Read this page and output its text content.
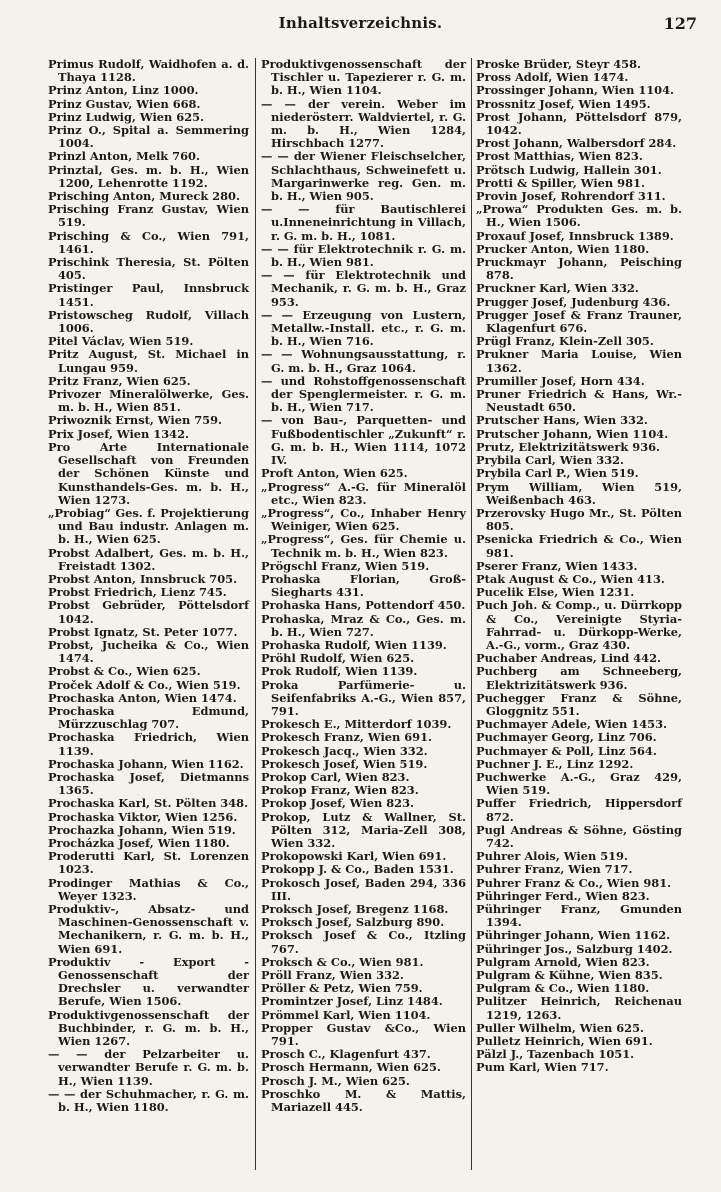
Inhaltsverzeichnis.	127
Primus Rudolf, Waidhofen a. d. Thaya 1128.
Prinz Anton, Linz 1000.
Prinz Gustav, Wien 668.
Prinz Ludwig, Wien 625.
Prinz O., Spital a. Semmering 1004.
Prinzl Anton, Melk 760.
Prinztal, Ges. m. b. H., Wien 1200, Lehenrotte 1192.
Prisching Anton, Mureck 280.
Prisching Franz Gustav, Wien 519.
Prisching & Co., Wien 791, 1461.
Prischink Theresia, St. Pölten 405.
Pristinger Paul, Innsbruck 1451.
Pristowscheg Rudolf, Villach 1006.
Pitel Václav, Wien 519.
Pritz August, St. Michael in Lungau 959.
Pritz Franz, Wien 625.
Privozer Mineralölwerke, Ges. m. b. H., Wien 851.
Priwoznik Ernst, Wien 759.
Prix Josef, Wien 1342.
Pro Arte Internationale Gesellschaft von Freunden der Schönen Künste und Kunsthandels-Ges. m. b. H., Wien 1273.
„Probiag“ Ges. f. Projektierung und Bau industr. Anlagen m. b. H., Wien 625.
Probst Adalbert, Ges. m. b. H., Freistadt 1302.
Probst Anton, Innsbruck 705.
Probst Friedrich, Lienz 745.
Probst Gebrüder, Pöttelsdorf 1042.
Probst Ignatz, St. Peter 1077.
Probst, Jucheika & Co., Wien 1474.
Probst & Co., Wien 625.
Proček Adolf & Co., Wien 519.
Prochaska Anton, Wien 1474.
Prochaska Edmund, Mürzzuschlag 707.
Prochaska Friedrich, Wien 1139.
Prochaska Johann, Wien 1162.
Prochaska Josef, Dietmanns 1365.
Prochaska Karl, St. Pölten 348.
Prochaska Viktor, Wien 1256.
Prochazka Johann, Wien 519.
Procházka Josef, Wien 1180.
Proderutti Karl, St. Lorenzen 1023.
Prodinger Mathias & Co., Weyer 1323.
Produktiv-, Absatz- und Maschinen-Genossenschaft v. Mechanikern, r. G. m. b. H., Wien 691.
Produktiv - Export - Genossenschaft der Drechsler u. verwandter Berufe, Wien 1506.
Produktivgenossenschaft der Buchbinder, r. G. m. b. H., Wien 1267.
— — der Pelzarbeiter u. verwandter Berufe r. G. m. b. H., Wien 1139.
— — der Schuhmacher, r. G. m. b. H., Wien 1180.
Produktivgenossenschaft der Tischler u. Tapezierer r. G. m. b. H., Wien 1104.
— — der verein. Weber im niederösterr. Waldviertel, r. G. m. b. H., Wien 1284, Hirschbach 1277.
— — der Wiener Fleischselcher, Schlachthaus, Schweinefett u. Margarinwerke reg. Gen. m. b. H., Wien 905.
— — für Bautischlerei u.Inneneinrichtung in Villach, r. G. m. b. H., 1081.
— — für Elektrotechnik r. G. m. b. H., Wien 981.
— — für Elektrotechnik und Mechanik, r. G. m. b. H., Graz 953.
— — Erzeugung von Lustern, Metallw.-Install. etc., r. G. m. b. H., Wien 716.
— — Wohnungsausstattung, r. G. m. b. H., Graz 1064.
— und Rohstoffgenossenschaft der Spenglermeister. r. G. m. b. H., Wien 717.
— von Bau-, Parquetten- und Fußbodentischler „Zukunft“ r. G. m. b. H., Wien 1114, 1072 IV.
Proft Anton, Wien 625.
„Progress“ A.-G. für Mineralöl etc., Wien 823.
„Progress“, Co., Inhaber Henry Weiniger, Wien 625.
„Progress“, Ges. für Chemie u. Technik m. b. H., Wien 823.
Prögschl Franz, Wien 519.
Prohaska Florian, Groß-Siegharts 431.
Prohaska Hans, Pottendorf 450.
Prohaska, Mraz & Co., Ges. m. b. H., Wien 727.
Prohaska Rudolf, Wien 1139.
Pröhl Rudolf, Wien 625.
Prok Rudolf, Wien 1139.
Proka Parfümerie- u. Seifenfabriks A.-G., Wien 857, 791.
Prokesch E., Mitterdorf 1039.
Prokesch Franz, Wien 691.
Prokesch Jacq., Wien 332.
Prokesch Josef, Wien 519.
Prokop Carl, Wien 823.
Prokop Franz, Wien 823.
Prokop Josef, Wien 823.
Prokop, Lutz & Wallner, St. Pölten 312, Maria-Zell 308, Wien 332.
Prokopowski Karl, Wien 691.
Prokopp J. & Co., Baden 1531.
Prokosch Josef, Baden 294, 336 III.
Proksch Josef, Bregenz 1168.
Proksch Josef, Salzburg 890.
Proksch Josef & Co., Itzling 767.
Proksch & Co., Wien 981.
Pröll Franz, Wien 332.
Pröller & Petz, Wien 759.
Promintzer Josef, Linz 1484.
Prömmel Karl, Wien 1104.
Propper Gustav &Co., Wien 791.
Prosch C., Klagenfurt 437.
Prosch Hermann, Wien 625.
Prosch J. M., Wien 625.
Proschko M. & Mattis, Mariazell 445.
Proske Brüder, Steyr 458.
Pross Adolf, Wien 1474.
Prossinger Johann, Wien 1104.
Prossnitz Josef, Wien 1495.
Prost Johann, Pöttelsdorf 879, 1042.
Prost Johann, Walbersdorf 284.
Prost Matthias, Wien 823.
Prötsch Ludwig, Hallein 301.
Protti & Spiller, Wien 981.
Provin Josef, Rohrendorf 311.
„Prowa“ Produkten Ges. m. b. H., Wien 1506.
Proxauf Josef, Innsbruck 1389.
Prucker Anton, Wien 1180.
Pruckmayr Johann, Peisching 878.
Pruckner Karl, Wien 332.
Prugger Josef, Judenburg 436.
Prugger Josef & Franz Trauner, Klagenfurt 676.
Prügl Franz, Klein-Zell 305.
Prukner Maria Louise, Wien 1362.
Prumiller Josef, Horn 434.
Pruner Friedrich & Hans, Wr.-Neustadt 650.
Prutscher Hans, Wien 332.
Prutscher Johann, Wien 1104.
Prutz, Elektrizitätswerk 936.
Prybila Carl, Wien 332.
Prybila Carl P., Wien 519.
Prym William, Wien 519, Weißenbach 463.
Przerovsky Hugo Mr., St. Pölten 805.
Psenicka Friedrich & Co., Wien 981.
Pserer Franz, Wien 1433.
Ptak August & Co., Wien 413.
Pucelik Else, Wien 1231.
Puch Joh. & Comp., u. Dürrkopp & Co., Vereinigte Styria-Fahrrad- u. Dürkopp-Werke, A.-G., vorm., Graz 430.
Puchaber Andreas, Lind 442.
Puchberg am Schneeberg, Elektrizitätswerk 936.
Puchegger Franz & Söhne, Gloggnitz 551.
Puchmayer Adele, Wien 1453.
Puchmayer Georg, Linz 706.
Puchmayer & Poll, Linz 564.
Puchner J. E., Linz 1292.
Puchwerke A.-G., Graz 429, Wien 519.
Puffer Friedrich, Hippersdorf 872.
Pugl Andreas & Söhne, Gösting 742.
Puhrer Alois, Wien 519.
Puhrer Franz, Wien 717.
Puhrer Franz & Co., Wien 981.
Pühringer Ferd., Wien 823.
Pühringer Franz, Gmunden 1394.
Pühringer Johann, Wien 1162.
Pühringer Jos., Salzburg 1402.
Pulgram Arnold, Wien 823.
Pulgram & Kühne, Wien 835.
Pulgram & Co., Wien 1180.
Pulitzer Heinrich, Reichenau 1219, 1263.
Puller Wilhelm, Wien 625.
Pulletz Heinrich, Wien 691.
Pälzl J., Tazenbach 1051.
Pum Karl, Wien 717.
